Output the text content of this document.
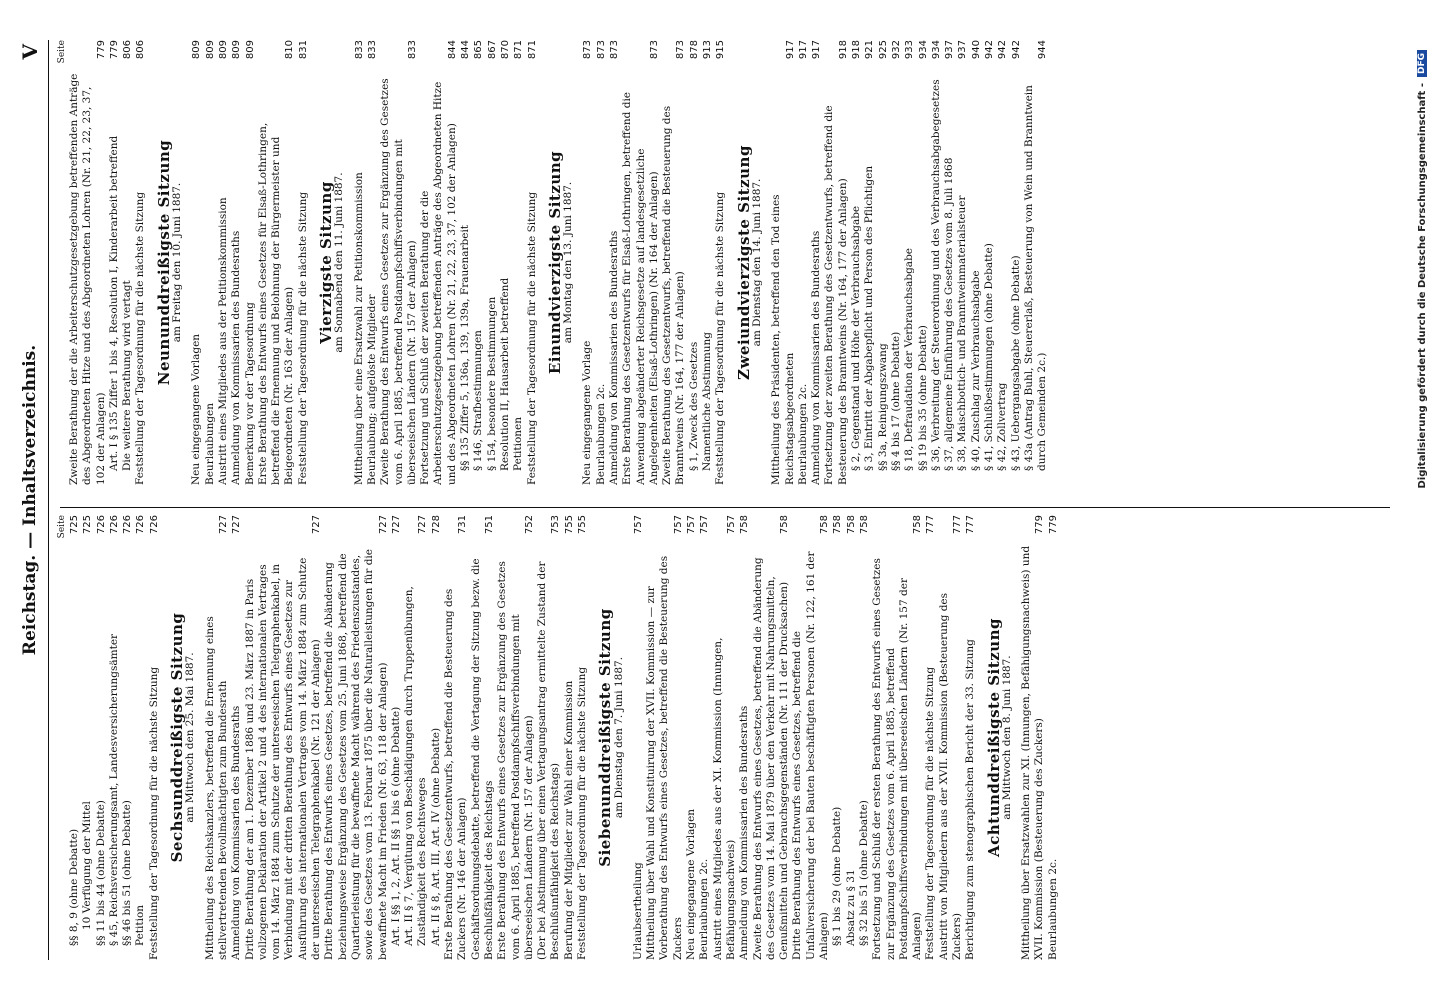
Reichstag. — Inhaltsverzeichnis.
V
Seite
§§ 8, 9 (ohne Debatte)
725
10 Verfügung der Mittel
725
§§ 11 bis 44 (ohne Debatte)
726
§ 45, Reichsversicherungsamt, Landesversicherungsämter
726
§§ 46 bis 51 (ohne Debatte)
726
Petition
726
Feststellung der Tagesordnung für die nächste Sitzung
726
Sechsunddreißigste Sitzung
am Mittwoch den 25. Mai 1887. Mittheilung des Reichskanzlers, betreffend die Ernennung eines stellvertretenden Bevollmächtigten zum Bundesrath
727
Anmeldung von Kommissarien des Bundesraths
727
Dritte Berathung der am 1. Dezember 1886 und 23. März 1887 in Paris vollzogenen Deklaration der Artikel 2 und 4 des internationalen Vertrages vom 14. März 1884 zum Schutze der unterseeischen Telegraphenkabel, in Verbindung mit der dritten Berathung des Entwurfs eines Gesetzes zur Ausführung des internationalen Vertrages vom 14. März 1884 zum Schutze der unterseeischen Telegraphenkabel (Nr. 121 der Anlagen)
727
Dritte Berathung des Entwurfs eines Gesetzes, betreffend die Abänderung beziehungsweise Ergänzung des Gesetzes vom 25. Juni 1868, betreffend die Quartierleistung für die bewaffnete Macht während des Friedenszustandes, sowie des Gesetzes vom 13. Februar 1875 über die Naturalleistungen für die bewaffnete Macht im Frieden (Nr. 63, 118 der Anlagen)
727
Art. I §§ 1, 2, Art. II §§ 1 bis 6 (ohne Debatte)
727
Art. II § 7, Vergütung von Beschädigungen durch Truppenübungen, Zuständigkeit des Rechtsweges
727
Art. II § 8, Art. III, Art. IV (ohne Debatte)
728
Erste Berathung des Gesetzentwurfs, betreffend die Besteuerung des Zuckers (Nr. 146 der Anlagen)
731
Geschäftsordnungsdebatte, betreffend die Vertagung der Sitzung bezw. die Beschlußfähigkeit des Reichstags
751
Erste Berathung des Entwurfs eines Gesetzes zur Ergänzung des Gesetzes vom 6. April 1885, betreffend Postdampfschiffsverbindungen mit überseeischen Ländern (Nr. 157 der Anlagen)
752
(Der bei Abstimmung über einen Vertagungsantrag ermittelte Zustand der Beschlußunfähigkeit des Reichstags)
753
Berufung der Mitglieder zur Wahl einer Kommission
755
Feststellung der Tagesordnung für die nächste Sitzung
755
Siebenunddreißigste Sitzung
am Dienstag den 7. Juni 1887.
Urlaubsertheilung
757
Mittheilung über Wahl und Konstituirung der XVII. Kommission — zur Vorberathung des Entwurfs eines Gesetzes, betreffend die Besteuerung des Zuckers
757
Neu eingegangene Vorlagen
757
Beurlaubungen 2c.
757
Austritt eines Mitgliedes aus der XI. Kommission (Innungen, Befähigungsnachweis)
757
Anmeldung von Kommissarien des Bundesraths
758
Zweite Berathung des Entwurfs eines Gesetzes, betreffend die Abänderung des Gesetzes vom 14. Mai 1879 über den Verkehr mit Nahrungsmitteln, Genußmitteln und Gebrauchsgegenständen (Nr. 111 der Drucksachen)
758
Dritte Berathung des Entwurfs eines Gesetzes, betreffend die Unfallversicherung der bei Bauten beschäftigten Personen (Nr. 122, 161 der Anlagen)
758
§§ 1 bis 29 (ohne Debatte)
758
Absatz zu § 31
758
§§ 32 bis 51 (ohne Debatte)
758
Fortsetzung und Schluß der ersten Berathung des Entwurfs eines Gesetzes zur Ergänzung des Gesetzes vom 6. April 1885, betreffend Postdampfschiffsverbindungen mit überseeischen Ländern (Nr. 157 der Anlagen)
758
Feststellung der Tagesordnung für die nächste Sitzung
777
Austritt von Mitgliedern aus der XVII. Kommission (Besteuerung des Zuckers)
777
Berichtigung zum stenographischen Bericht der 33. Sitzung
777
Achtunddreißigste Sitzung
am Mittwoch den 8. Juni 1887. Mittheilung über Ersatzwahlen zur XI. (Innungen, Befähigungsnachweis) und XVII. Kommission (Besteuerung des Zuckers)
779
Beurlaubungen 2c.
779
Seite
Zweite Berathung der die Arbeiterschutzgesetzgebung betreffenden Anträge des Abgeordneten Hitze und des Abgeordneten Lohren (Nr. 21, 22, 23, 37, 102 der Anlagen)
779
Art. I § 135 Ziffer 1 bis 4, Resolution I, Kinderarbeit betreffend
779
Die weitere Berathung wird vertagt
806
Feststellung der Tagesordnung für die nächste Sitzung
806
Neununddreißigste Sitzung
am Freitag den 10. Juni 1887.
Neu eingegangene Vorlagen
809
Beurlaubungen
809
Austritt eines Mitgliedes aus der Petitionskommission
809
Anmeldung von Kommissarien des Bundesraths
809
Bemerkung vor der Tagesordnung
809
Erste Berathung des Entwurfs eines Gesetzes für Elsaß-Lothringen, betreffend die Ernennung und Belohnung der Bürgermeister und Beigeordneten (Nr. 163 der Anlagen)
810
Feststellung der Tagesordnung für die nächste Sitzung
831
Vierzigste Sitzung
am Sonnabend den 11. Juni 1887. Mittheilung über eine Ersatzwahl zur Petitionskommission
833
Beurlaubung; aufgelöste Mitglieder
833
Zweite Berathung des Entwurfs eines Gesetzes zur Ergänzung des Gesetzes vom 6. April 1885, betreffend Postdampfschiffsverbindungen mit überseeischen Ländern (Nr. 157 der Anlagen)
833
Fortsetzung und Schluß der zweiten Berathung der die Arbeiterschutzgesetzgebung betreffenden Anträge des Abgeordneten Hitze und des Abgeordneten Lohren (Nr. 21, 22, 23, 37, 102 der Anlagen)
844
§§ 135 Ziffer 5, 136a, 139, 139a, Frauenarbeit
844
§ 146, Strafbestimmungen
865
§ 154, besondere Bestimmungen
867
Resolution II, Hausarbeit betreffend
870
Petitionen
871
Feststellung der Tagesordnung für die nächste Sitzung
871
Einundvierzigste Sitzung
am Montag den 13. Juni 1887.
Neu eingegangene Vorlage
873
Beurlaubungen 2c.
873
Anmeldung von Kommissarien des Bundesraths
873
Erste Berathung des Gesetzentwurfs für Elsaß-Lothringen, betreffend die Anwendung abgeänderter Reichsgesetze auf landesgesetzliche Angelegenheiten (Elsaß-Lothringen) (Nr. 164 der Anlagen)
873
Zweite Berathung des Gesetzentwurfs, betreffend die Besteuerung des Branntweins (Nr. 164, 177 der Anlagen)
873
§ 1, Zweck des Gesetzes
878
Namentliche Abstimmung
913
Feststellung der Tagesordnung für die nächste Sitzung
915
Zweiundvierzigste Sitzung
am Dienstag den 14. Juni 1887. Mittheilung des Präsidenten, betreffend den Tod eines Reichstagsabgeordneten
917
Beurlaubungen 2c.
917
Anmeldung von Kommissarien des Bundesraths
917
Fortsetzung der zweiten Berathung des Gesetzentwurfs, betreffend die Besteuerung des Branntweins (Nr. 164, 177 der Anlagen)
918
§ 2, Gegenstand und Höhe der Verbrauchsabgabe
918
§ 3, Eintritt der Abgabepflicht und Person des Pflichtigen
921
§§ 3a, Reinigungszwang
925
§§ 4 bis 17 (ohne Debatte)
932
§ 18, Defraudation der Verbrauchsabgabe
933
§§ 19 bis 35 (ohne Debatte)
934
§ 36, Verbreitung der Steuerordnung und des Verbrauchsabgabegesetzes
934
§ 37, allgemeine Einführung des Gesetzes vom 8. Juli 1868
937
§ 38, Maischbottich- und Branntweinmaterialsteuer
937
§ 40, Zuschlag zur Verbrauchsabgabe
940
§ 41, Schlußbestimmungen (ohne Debatte)
942
§ 42, Zollvertrag
942
§ 43, Uebergangsabgabe (ohne Debatte)
942
§ 43a (Antrag Buhl, Steuererlaß, Besteuerung von Wein und Branntwein durch Gemeinden 2c.)
944
Digitalisierung gefördert durch die Deutsche Forschungsgemeinschaft -
DFG
